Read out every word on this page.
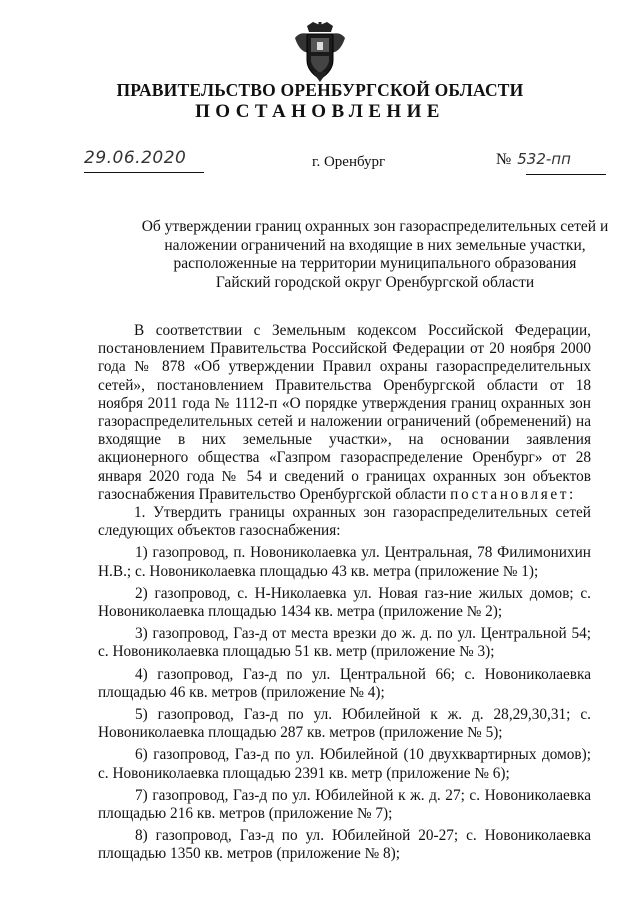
ПРАВИТЕЛЬСТВО ОРЕНБУРГСКОЙ ОБЛАСТИ
ПОСТАНОВЛЕНИЕ
29.06.2020	г. Оренбург	№ 532-пп
Об утверждении границ охранных зон газораспределительных сетей и
наложении ограничений на входящие в них земельные участки,
расположенные на территории муниципального образования
Гайский городской округ Оренбургской области

В соответствии с Земельным кодексом Российской Федерации, постановлением Правительства Российской Федерации от 20 ноября 2000 года № 878 «Об утверждении Правил охраны газораспределительных сетей», постановлением Правительства Оренбургской области от 18 ноября 2011 года № 1112-п «О порядке утверждения границ охранных зон газораспределительных сетей и наложении ограничений (обременений) на входящие в них земельные участки», на основании заявления акционерного общества «Газпром газораспределение Оренбург» от 28 января 2020 года № 54 и сведений о границах охранных зон объектов газоснабжения Правительство Оренбургской области постановляет:

1. Утвердить границы охранных зон газораспределительных сетей следующих объектов газоснабжения:

1) газопровод, п. Новониколаевка ул. Центральная, 78 Филимонихин Н.В.; с. Новониколаевка площадью 43 кв. метра (приложение № 1);

2) газопровод, с. Н-Николаевка ул. Новая газ-ние жилых домов; с. Новониколаевка площадью 1434 кв. метра (приложение № 2);

3) газопровод, Газ-д от места врезки до ж. д. по ул. Центральной 54; с. Новониколаевка площадью 51 кв. метр (приложение № 3);

4) газопровод, Газ-д по ул. Центральной 66; с. Новониколаевка площадью 46 кв. метров (приложение № 4);

5) газопровод, Газ-д по ул. Юбилейной к ж. д. 28,29,30,31; с. Новониколаевка площадью 287 кв. метров (приложение № 5);

6) газопровод, Газ-д по ул. Юбилейной (10 двухквартирных домов); с. Новониколаевка площадью 2391 кв. метр (приложение № 6);

7) газопровод, Газ-д по ул. Юбилейной к ж. д. 27; с. Новониколаевка площадью 216 кв. метров (приложение № 7);

8) газопровод, Газ-д по ул. Юбилейной 20-27; с. Новониколаевка площадью 1350 кв. метров (приложение № 8);
